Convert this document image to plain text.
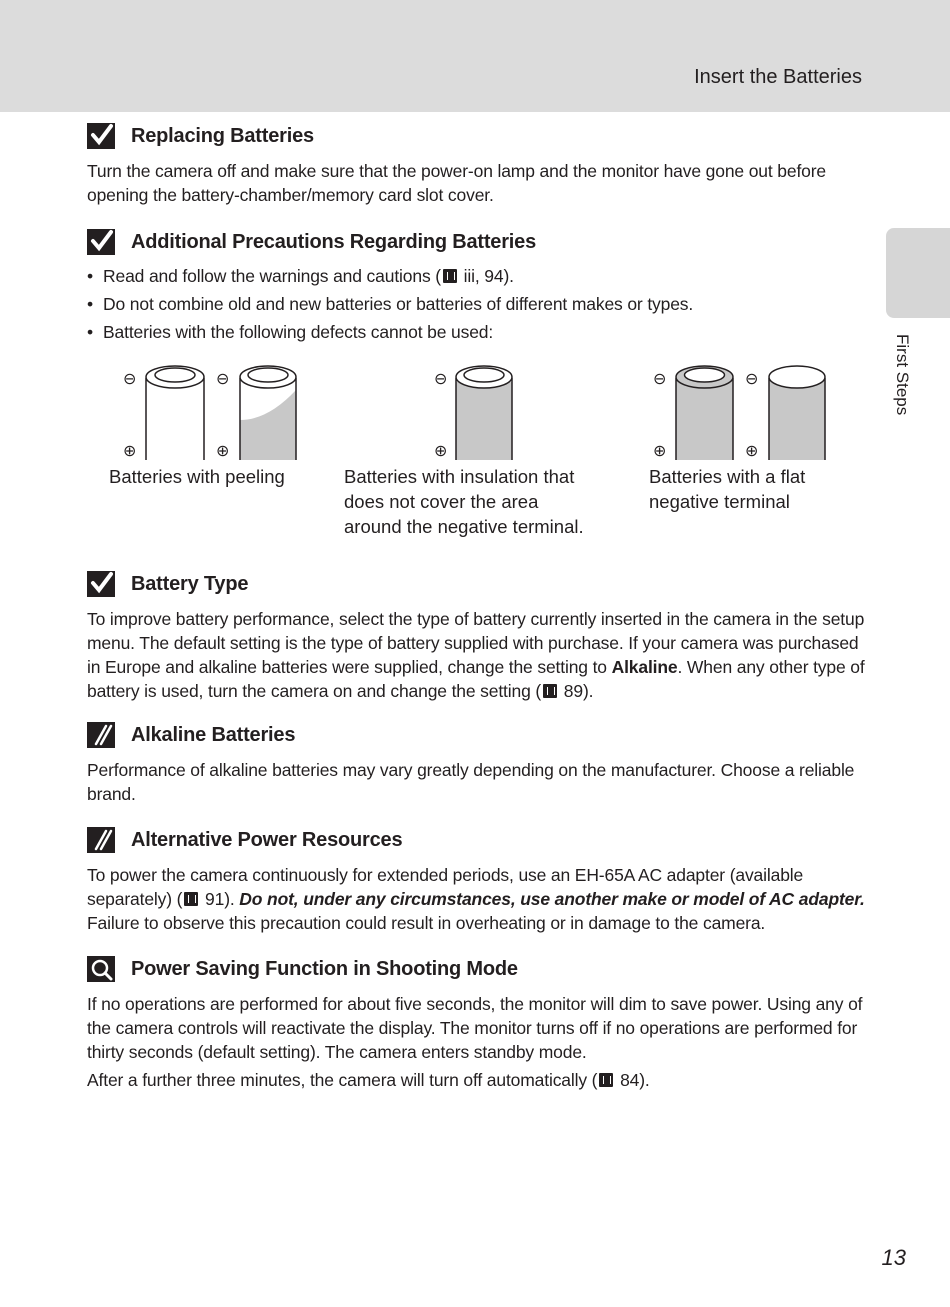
Insert the Batteries
First Steps
Replacing Batteries

Turn the camera off and make sure that the power-on lamp and the monitor have gone out before opening the battery-chamber/memory card slot cover.

Additional Precautions Regarding Batteries
• Read and follow the warnings and cautions ( iii, 94).
• Do not combine old and new batteries or batteries of different makes or types.
• Batteries with the following defects cannot be used:
⊖
⊕
⊖
⊕
⊖
⊕
⊖
⊕
⊖
⊕
Batteries with peeling	Batteries with insulation that
does not cover the area
around the negative terminal.
Batteries with a flat
negative terminal
Battery Type

To improve battery performance, select the type of battery currently inserted in the camera in the setup menu. The default setting is the type of battery supplied with purchase. If your camera was purchased in Europe and alkaline batteries were supplied, change the setting to Alkaline. When any other type of battery is used, turn the camera on and change the setting ( 89).

Alkaline Batteries

Performance of alkaline batteries may vary greatly depending on the manufacturer. Choose a reliable brand.

Alternative Power Resources

To power the camera continuously for extended periods, use an EH-65A AC adapter (available separately) ( 91). Do not, under any circumstances, use another make or model of AC adapter. Failure to observe this precaution could result in overheating or in damage to the camera.

Power Saving Function in Shooting Mode

If no operations are performed for about five seconds, the monitor will dim to save power. Using any of the camera controls will reactivate the display. The monitor turns off if no operations are performed for thirty seconds (default setting). The camera enters standby mode.

After a further three minutes, the camera will turn off automatically ( 84).

13
